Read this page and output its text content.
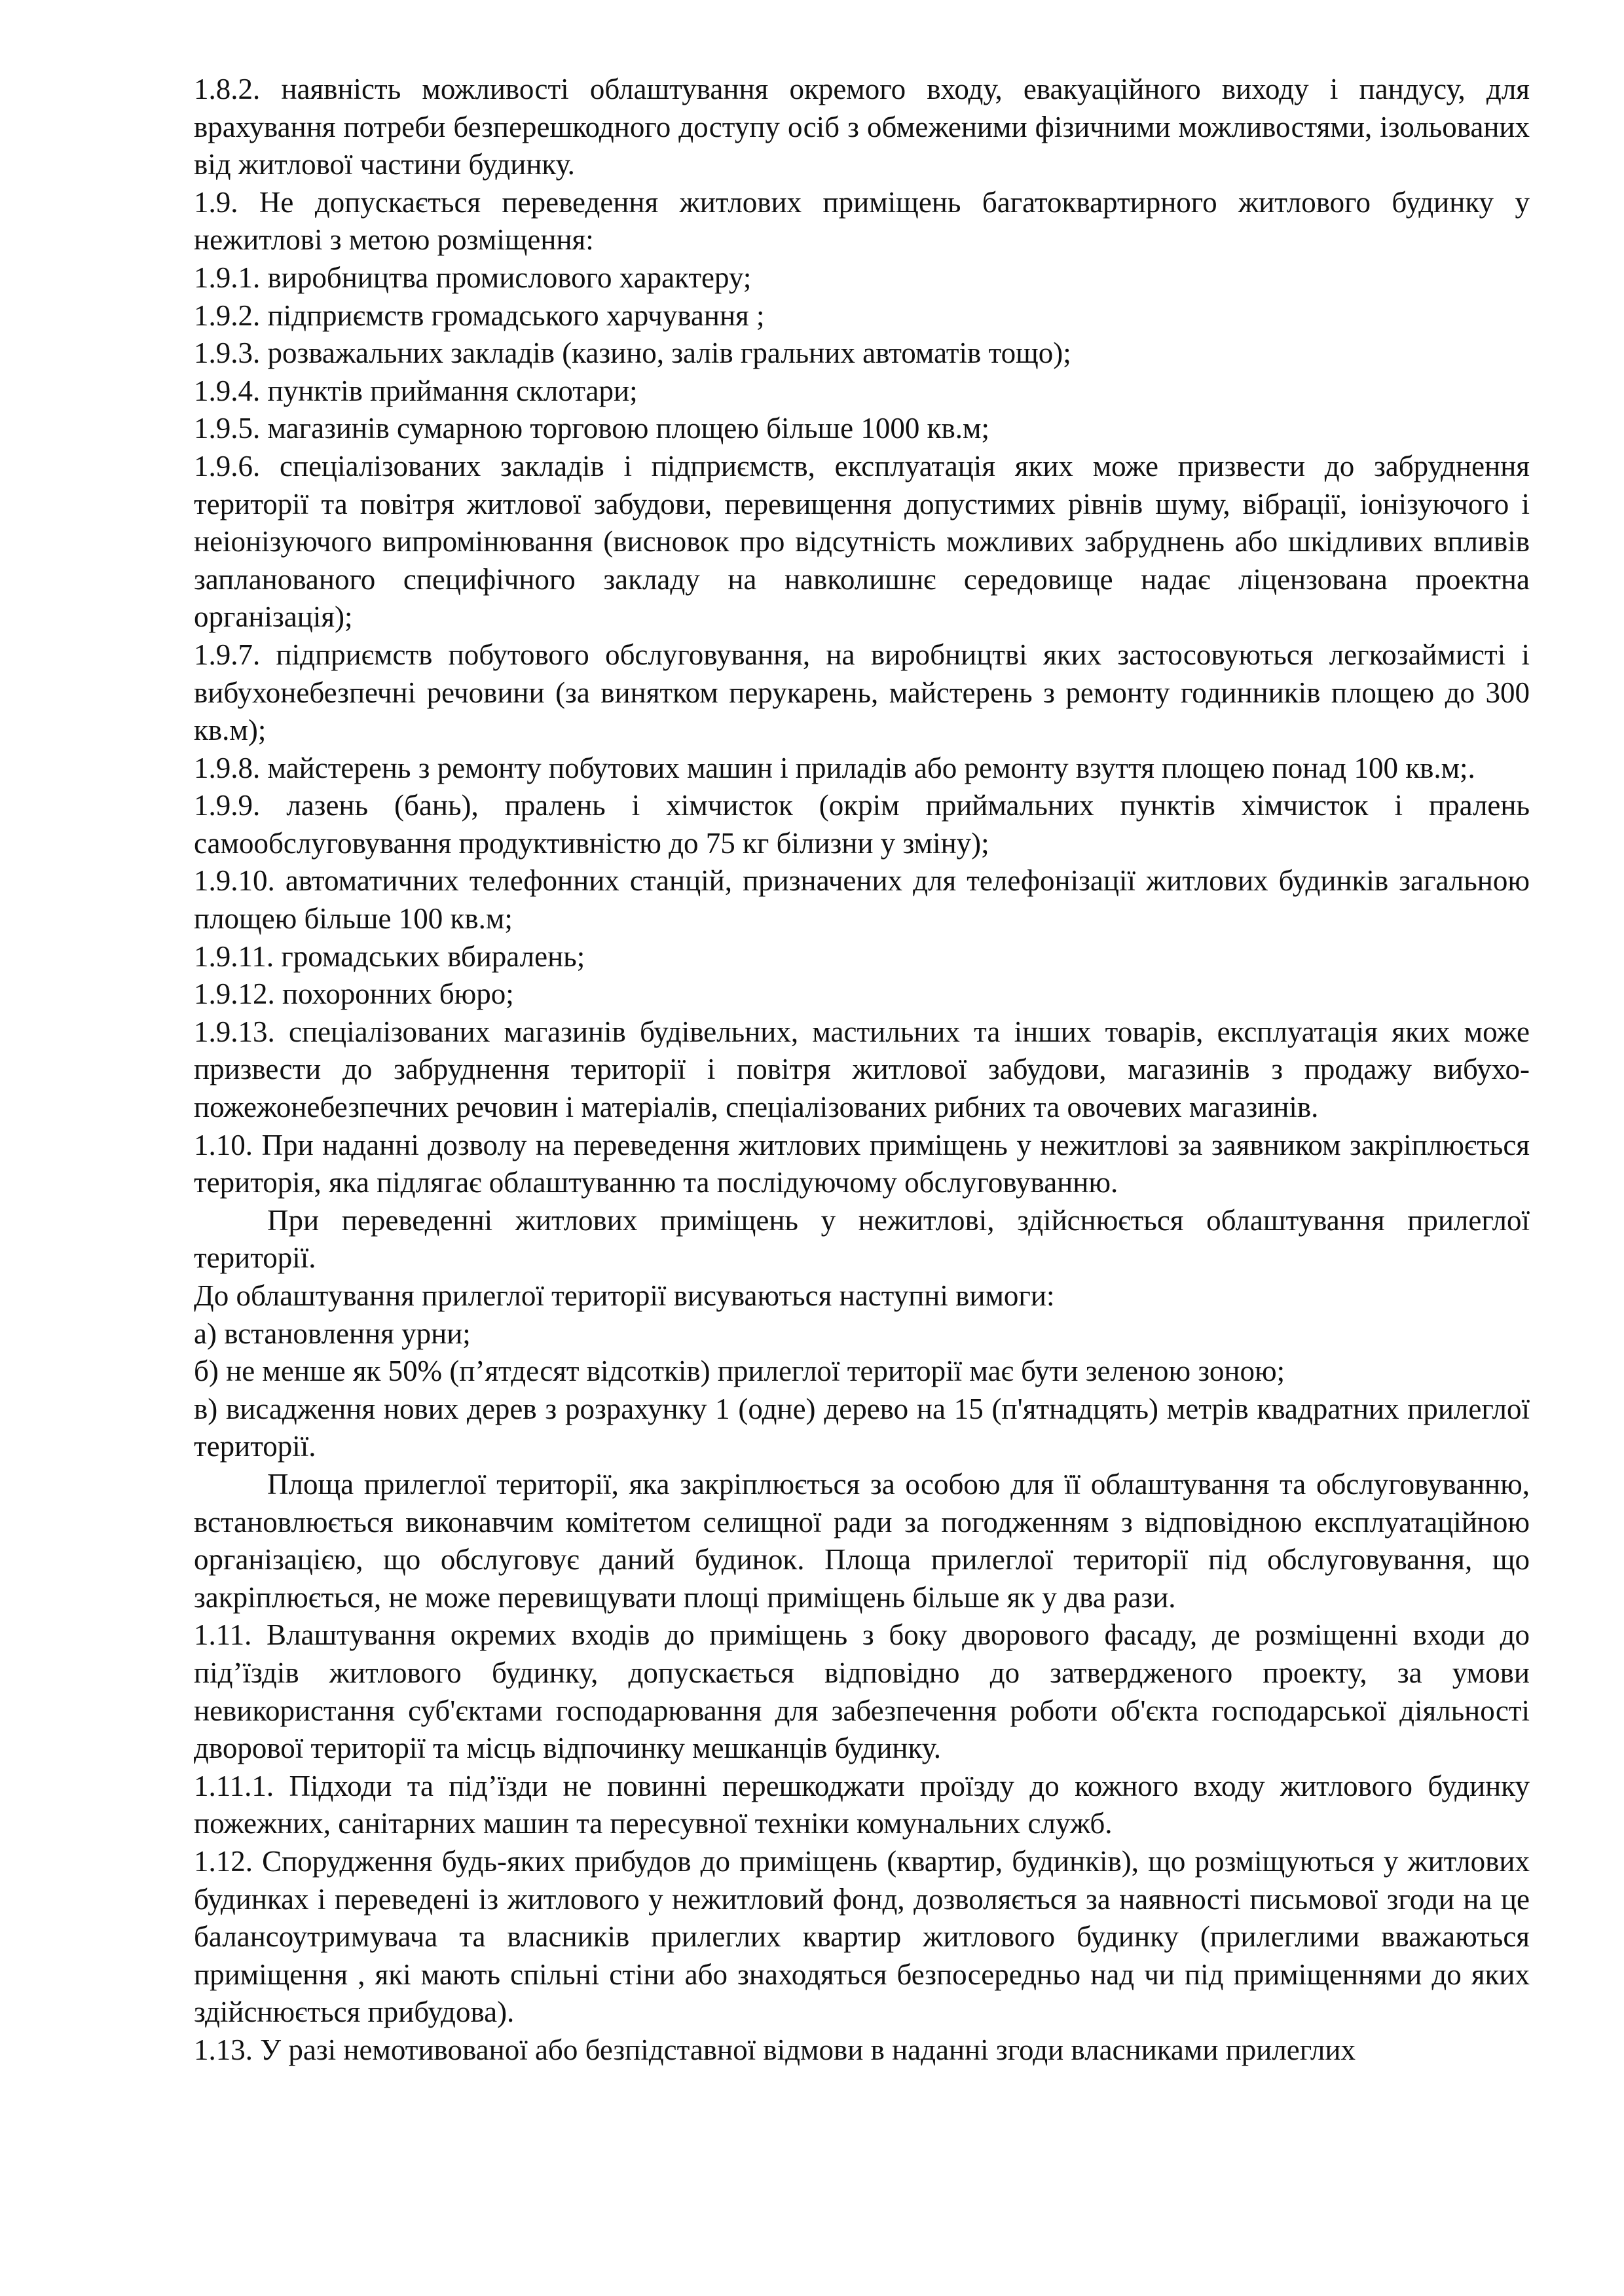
1.8.2. наявність можливості облаштування окремого входу, евакуаційного виходу і пандусу, для врахування потреби безперешкодного доступу осіб з обмеженими фізичними можливостями, ізольованих від житлової частини будинку.

1.9. Не допускається переведення житлових приміщень багатоквартирного житлового будинку у нежитлові з метою розміщення:

1.9.1. виробництва промислового характеру;

1.9.2. підприємств громадського харчування ;

1.9.3. розважальних закладів (казино, залів гральних автоматів тощо);

1.9.4. пунктів приймання склотари;

1.9.5. магазинів сумарною торговою площею більше 1000 кв.м;

1.9.6. спеціалізованих закладів і підприємств, експлуатація яких може призвести до забруднення території та повітря житлової забудови, перевищення допустимих рівнів шуму, вібрації, іонізуючого і неіонізуючого випромінювання (висновок про відсутність можливих забруднень або шкідливих впливів запланованого специфічного закладу на навколишнє середовище надає ліцензована проектна організація);

1.9.7. підприємств побутового обслуговування, на виробництві яких застосовуються легкозаймисті і вибухонебезпечні речовини (за винятком перукарень, майстерень з ремонту годинників площею до 300 кв.м);

1.9.8. майстерень з ремонту побутових машин і приладів або ремонту взуття площею понад 100 кв.м;.

1.9.9. лазень (бань), пралень і хімчисток (окрім приймальних пунктів хімчисток і пралень самообслуговування продуктивністю до 75 кг білизни у зміну);

1.9.10. автоматичних телефонних станцій, призначених для телефонізації житлових будинків загальною площею більше 100 кв.м;

1.9.11. громадських вбиралень;

1.9.12. похоронних бюро;

1.9.13. спеціалізованих магазинів будівельних, мастильних та інших товарів, експлуатація яких може призвести до забруднення території і повітря житлової забудови, магазинів з продажу вибухо-пожежонебезпечних речовин і матеріалів, спеціалізованих рибних та овочевих магазинів.

1.10. При наданні дозволу на переведення житлових приміщень у нежитлові за заявником закріплюється територія, яка підлягає облаштуванню та послідуючому обслуговуванню.

При переведенні житлових приміщень у нежитлові, здійснюється облаштування прилеглої території.

До облаштування прилеглої території висуваються наступні вимоги:

а) встановлення урни;

б) не менше як 50% (п’ятдесят відсотків) прилеглої території має бути зеленою зоною;

в) висадження нових дерев з розрахунку 1 (одне) дерево на 15 (п'ятнадцять) метрів квадратних прилеглої території.

Площа прилеглої території, яка закріплюється за особою для її облаштування та обслуговуванню, встановлюється виконавчим комітетом селищної ради за погодженням з відповідною експлуатаційною організацією, що обслуговує даний будинок. Площа прилеглої території під обслуговування, що закріплюється, не може перевищувати площі приміщень більше як у два рази.

1.11. Влаштування окремих входів до приміщень з боку дворового фасаду, де розміщенні входи до під’їздів житлового будинку, допускається відповідно до затвердженого проекту, за умови невикористання суб'єктами господарювання для забезпечення роботи об'єкта господарської діяльності дворової території та місць відпочинку мешканців будинку.

1.11.1. Підходи та під’їзди не повинні перешкоджати проїзду до кожного входу житлового будинку пожежних, санітарних машин та пересувної техніки комунальних служб.

1.12. Спорудження будь-яких прибудов до приміщень (квартир, будинків), що розміщуються у житлових будинках і переведені із житлового у нежитловий фонд, дозволяється за наявності письмової згоди на це балансоутримувача та власників прилеглих квартир житлового будинку (прилеглими вважаються приміщення , які мають спільні стіни або знаходяться безпосередньо над чи під приміщеннями до яких здійснюється прибудова).

1.13. У разі немотивованої або безпідставної відмови в наданні згоди власниками прилеглих
